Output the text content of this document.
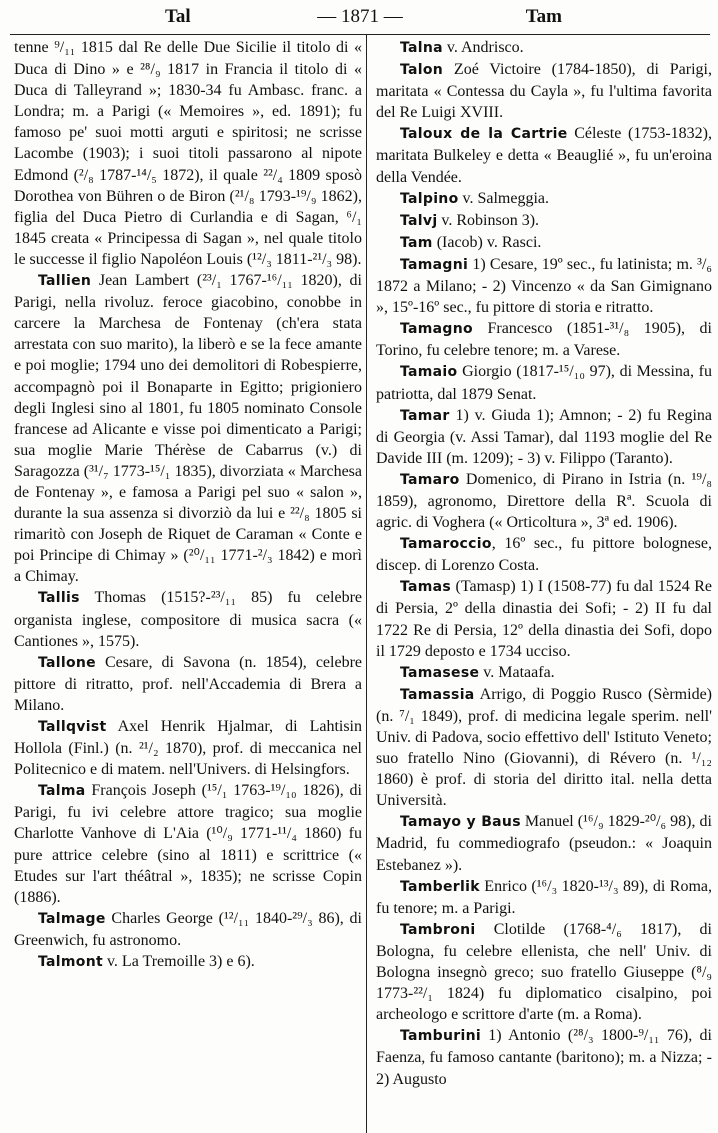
Tal	— 1871 —	Tam

tenne ⁹/₁₁ 1815 dal Re delle Due Sicilie il titolo di « Duca di Dino » e ²⁸/₉ 1817 in Francia il titolo di « Duca di Talleyrand »; 1830-34 fu Ambasc. franc. a Londra; m. a Parigi (« Memoires », ed. 1891); fu famoso pe' suoi motti arguti e spiritosi; ne scrisse Lacombe (1903); i suoi titoli passarono al nipote Edmond (²/₈ 1787-¹⁴/₅ 1872), il quale ²²/₄ 1809 sposò Dorothea von Bühren o de Biron (²¹/₈ 1793-¹⁹/₉ 1862), figlia del Duca Pietro di Curlandia e di Sagan, ⁶/₁ 1845 creata « Principessa di Sagan », nel quale titolo le successe il figlio Napoléon Louis (¹²/₃ 1811-²¹/₃ 98).

Tallien Jean Lambert (²³/₁ 1767-¹⁶/₁₁ 1820), di Parigi, nella rivoluz. feroce giacobino, conobbe in carcere la Marchesa de Fontenay (ch'era stata arrestata con suo marito), la liberò e se la fece amante e poi moglie; 1794 uno dei demolitori di Robespierre, accompagnò poi il Bonaparte in Egitto; prigioniero degli Inglesi sino al 1801, fu 1805 nominato Console francese ad Alicante e visse poi dimenticato a Parigi; sua moglie Marie Thérèse de Cabarrus (v.) di Saragozza (³¹/₇ 1773-¹⁵/₁ 1835), divorziata « Marchesa de Fontenay », e famosa a Parigi pel suo « salon », durante la sua assenza si divorziò da lui e ²²/₈ 1805 si rimaritò con Joseph de Riquet de Caraman « Conte e poi Principe di Chimay » (²⁰/₁₁ 1771-²/₃ 1842) e morì a Chimay.

Tallis Thomas (1515?-²³/₁₁ 85) fu celebre organista inglese, compositore di musica sacra (« Cantiones », 1575).

Tallone Cesare, di Savona (n. 1854), celebre pittore di ritratto, prof. nell'Accademia di Brera a Milano.

Tallqvist Axel Henrik Hjalmar, di Lahtisin Hollola (Finl.) (n. ²¹/₂ 1870), prof. di meccanica nel Politecnico e di matem. nell'Univers. di Helsingfors.

Talma François Joseph (¹⁵/₁ 1763-¹⁹/₁₀ 1826), di Parigi, fu ivi celebre attore tragico; sua moglie Charlotte Vanhove di L'Aia (¹⁰/₉ 1771-¹¹/₄ 1860) fu pure attrice celebre (sino al 1811) e scrittrice (« Etudes sur l'art théâtral », 1835); ne scrisse Copin (1886).

Talmage Charles George (¹²/₁₁ 1840-²⁹/₃ 86), di Greenwich, fu astronomo.

Talmont v. La Tremoille 3) e 6).

Talna v. Andrisco.

Talon Zoé Victoire (1784-1850), di Parigi, maritata « Contessa du Cayla », fu l'ultima favorita del Re Luigi XVIII.

Taloux de la Cartrie Céleste (1753-1832), maritata Bulkeley e detta « Beauglié », fu un'eroina della Vendée.

Talpino v. Salmeggia.

Talvj v. Robinson 3).

Tam (Iacob) v. Rasci.

Tamagni 1) Cesare, 19º sec., fu latinista; m. ³/₆ 1872 a Milano; - 2) Vincenzo « da San Gimignano », 15º-16º sec., fu pittore di storia e ritratto.

Tamagno Francesco (1851-³¹/₈ 1905), di Torino, fu celebre tenore; m. a Varese.

Tamaio Giorgio (1817-¹⁵/₁₀ 97), di Messina, fu patriotta, dal 1879 Senat.

Tamar 1) v. Giuda 1); Amnon; - 2) fu Regina di Georgia (v. Assi Tamar), dal 1193 moglie del Re Davide III (m. 1209); - 3) v. Filippo (Taranto).

Tamaro Domenico, di Pirano in Istria (n. ¹⁹/₈ 1859), agronomo, Direttore della Rª. Scuola di agric. di Voghera (« Orticoltura », 3ª ed. 1906).

Tamaroccio, 16º sec., fu pittore bolognese, discep. di Lorenzo Costa.

Tamas (Tamasp) 1) I (1508-77) fu dal 1524 Re di Persia, 2º della dinastia dei Sofi; - 2) II fu dal 1722 Re di Persia, 12º della dinastia dei Sofi, dopo il 1729 deposto e 1734 ucciso.

Tamasese v. Mataafa.

Tamassia Arrigo, di Poggio Rusco (Sèrmide) (n. ⁷/₁ 1849), prof. di medicina legale sperim. nell' Univ. di Padova, socio effettivo dell' Istituto Veneto; suo fratello Nino (Giovanni), di Révero (n. ¹/₁₂ 1860) è prof. di storia del diritto ital. nella detta Università.

Tamayo y Baus Manuel (¹⁶/₉ 1829-²⁰/₆ 98), di Madrid, fu commediografo (pseudon.: « Joaquin Estebanez »).

Tamberlik Enrico (¹⁶/₃ 1820-¹³/₃ 89), di Roma, fu tenore; m. a Parigi.

Tambroni Clotilde (1768-⁴/₆ 1817), di Bologna, fu celebre ellenista, che nell' Univ. di Bologna insegnò greco; suo fratello Giuseppe (⁸/₉ 1773-²²/₁ 1824) fu diplomatico cisalpino, poi archeologo e scrittore d'arte (m. a Roma).

Tamburini 1) Antonio (²⁸/₃ 1800-⁹/₁₁ 76), di Faenza, fu famoso cantante (baritono); m. a Nizza; - 2) Augusto
